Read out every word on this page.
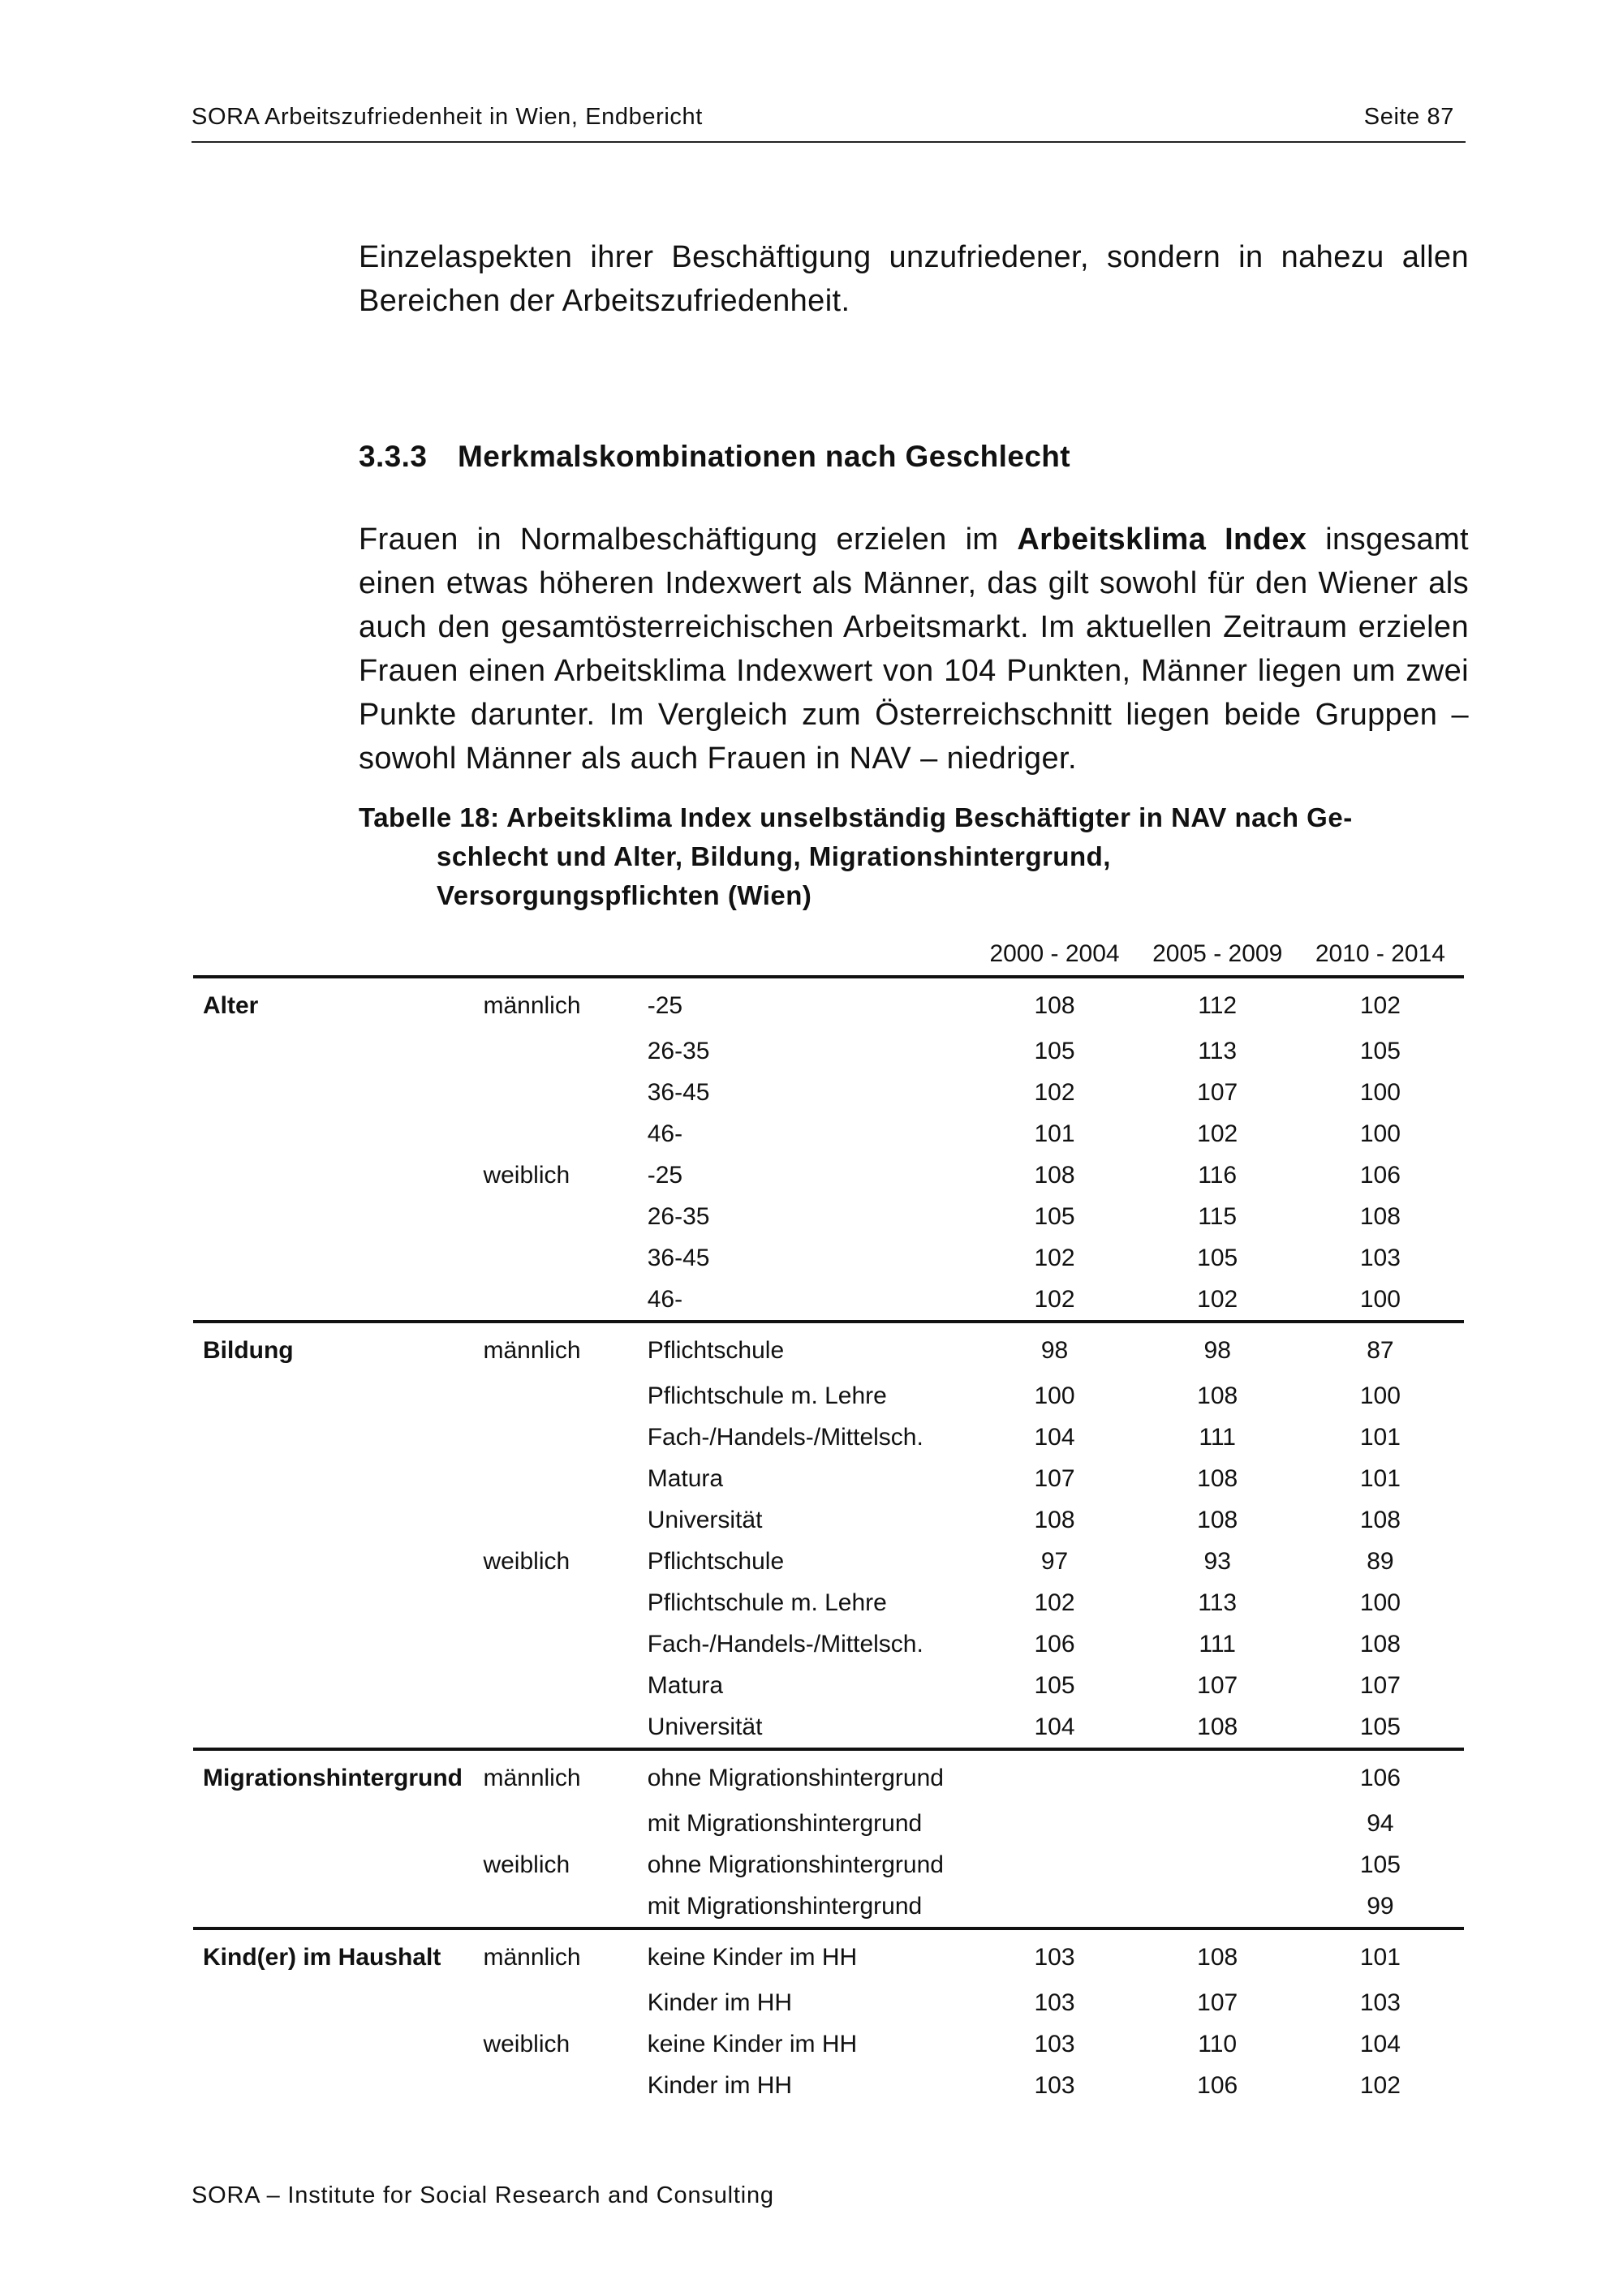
SORA Arbeitszufriedenheit in Wien, Endbericht	Seite 87
Einzelaspekten ihrer Beschäftigung unzufriedener, sondern in nahezu allen Bereichen der Arbeitszufriedenheit.
3.3.3 Merkmalskombinationen nach Geschlecht
Frauen in Normalbeschäftigung erzielen im Arbeitsklima Index insgesamt einen etwas höheren Indexwert als Männer, das gilt sowohl für den Wiener als auch den gesamtösterreichischen Arbeitsmarkt. Im aktuellen Zeitraum erzielen Frauen einen Arbeitsklima Indexwert von 104 Punkten, Männer liegen um zwei Punkte darunter. Im Vergleich zum Österreichschnitt liegen beide Gruppen – sowohl Männer als auch Frauen in NAV – niedriger.
Tabelle 18: Arbeitsklima Index unselbständig Beschäftigter in NAV nach Ge-
schlecht und Alter, Bildung, Migrationshintergrund,
Versorgungspflichten (Wien)
			2000 - 2004	2005 - 2009	2010 - 2014	
Alter	männlich	-25	108	112	102	
		26-35	105	113	105	
		36-45	102	107	100	
		46-	101	102	100	
	weiblich	-25	108	116	106	
		26-35	105	115	108	
		36-45	102	105	103	
		46-	102	102	100	
Bildung	männlich	Pflichtschule	98	98	87	
		Pflichtschule m. Lehre	100	108	100	
		Fach-/Handels-/Mittelsch.	104	111	101	
		Matura	107	108	101	
		Universität	108	108	108	
	weiblich	Pflichtschule	97	93	89	
		Pflichtschule m. Lehre	102	113	100	
		Fach-/Handels-/Mittelsch.	106	111	108	
		Matura	105	107	107	
		Universität	104	108	105	
Migrationshintergrund	männlich	ohne Migrationshintergrund			106	
		mit Migrationshintergrund			94	
	weiblich	ohne Migrationshintergrund			105	
		mit Migrationshintergrund			99	
Kind(er) im Haushalt	männlich	keine Kinder im HH	103	108	101	
		Kinder im HH	103	107	103	
	weiblich	keine Kinder im HH	103	110	104	
		Kinder im HH	103	106	102	
SORA – Institute for Social Research and Consulting
